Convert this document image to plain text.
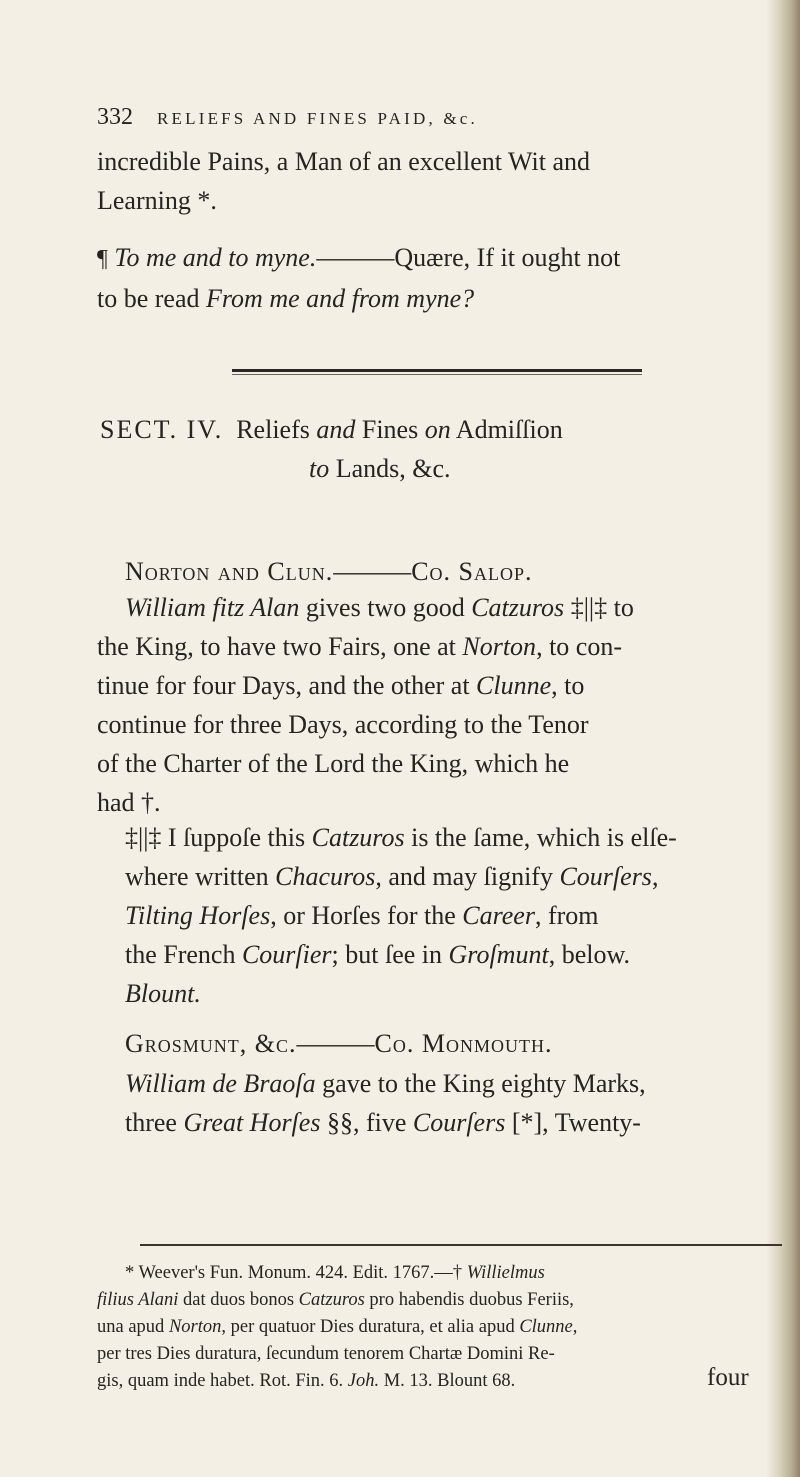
332 RELIEFS AND FINES PAID, &c.
incredible Pains, a Man of an excellent Wit and
Learning *.
¶ To me and to myne.———Quære, If it ought not
to be read From me and from myne?
SECT. IV. Reliefs and Fines on Admiſſion
to Lands, &c.
Norton and Clun.———Co. Salop.
William fitz Alan gives two good Catzuros ‡||‡ to
the King, to have two Fairs, one at Norton, to con-
tinue for four Days, and the other at Clunne, to
continue for three Days, according to the Tenor
of the Charter of the Lord the King, which he
had †.
‡||‡ I ſuppoſe this Catzuros is the ſame, which is elſe-
where written Chacuros, and may ſignify Courſers,
Tilting Horſes, or Horſes for the Career, from
the French Courſier; but ſee in Groſmunt, below.
Blount.
Grosmunt, &c.———Co. Monmouth.
William de Braoſa gave to the King eighty Marks,
three Great Horſes §§, five Courſers [*], Twenty-
* Weever's Fun. Monum. 424. Edit. 1767.—† Willielmus
filius Alani dat duos bonos Catzuros pro habendis duobus Feriis,
una apud Norton, per quatuor Dies duratura, et alia apud Clunne,
per tres Dies duratura, ſecundum tenorem Chartæ Domini Re-
gis, quam inde habet. Rot. Fin. 6. Joh. M. 13. Blount 68.	four
